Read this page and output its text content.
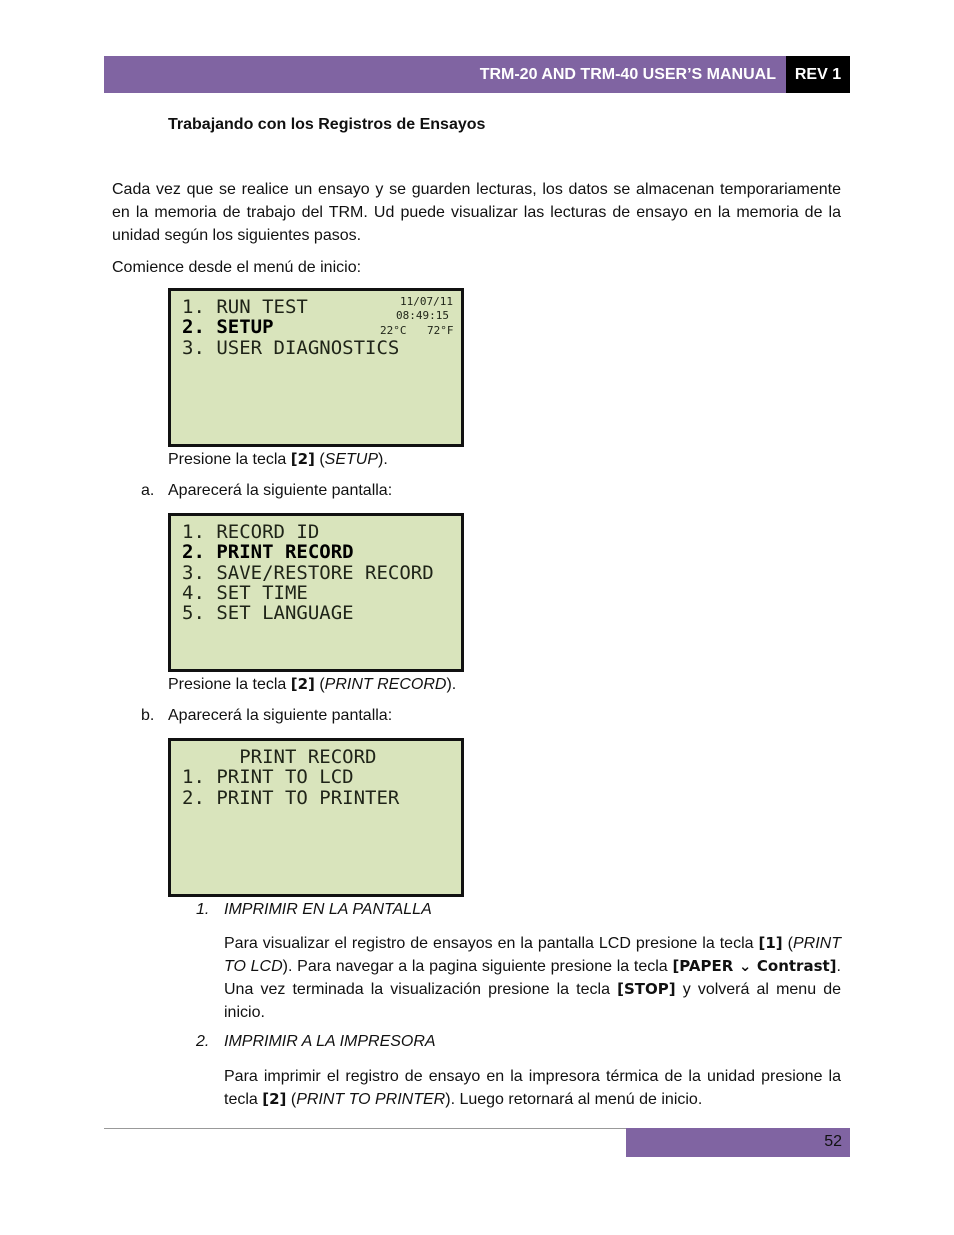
TRM-20 AND TRM-40 USER’S MANUAL	REV 1
Trabajando con los Registros de Ensayos
Cada vez que se realice un ensayo y se guarden lecturas, los datos se almacenan temporariamente en la memoria de trabajo del TRM. Ud puede visualizar las lecturas de ensayo en la memoria de la unidad según los siguientes pasos.
Comience desde el menú de inicio:
1. RUN TEST
2. SETUP
3. USER DIAGNOSTICS
11/07/11
08:49:15
22°C 72°F
Presione la tecla [2] (SETUP).
a. Aparecerá la siguiente pantalla:
1. RECORD ID
2. PRINT RECORD
3. SAVE/RESTORE RECORD
4. SET TIME
5. SET LANGUAGE
Presione la tecla [2] (PRINT RECORD).
b. Aparecerá la siguiente pantalla:
PRINT RECORD
1. PRINT TO LCD
2. PRINT TO PRINTER
1. IMPRIMIR EN LA PANTALLA
Para visualizar el registro de ensayos en la pantalla LCD presione la tecla [1] (PRINT TO LCD). Para navegar a la pagina siguiente presione la tecla [PAPER ⌄ Contrast]. Una vez terminada la visualización presione la tecla [STOP] y volverá al menu de inicio.
2. IMPRIMIR A LA IMPRESORA
Para imprimir el registro de ensayo en la impresora térmica de la unidad presione la tecla [2] (PRINT TO PRINTER). Luego retornará al menú de inicio.
52
